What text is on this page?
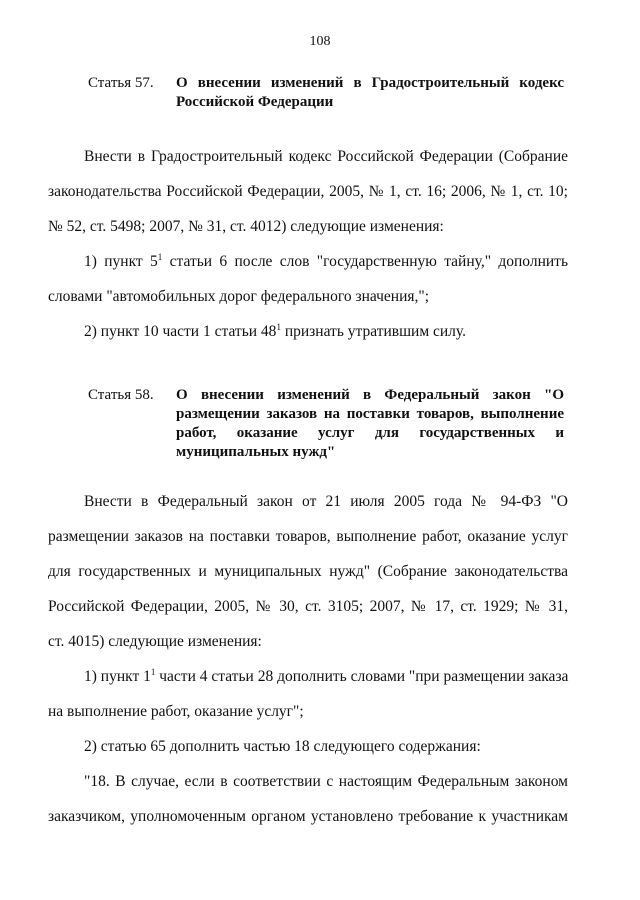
108
Статья 57.	О внесении изменений в Градостроительный кодекс Российской Федерации
Внести в Градостроительный кодекс Российской Федерации (Собрание
законодательства Российской Федерации, 2005, № 1, ст. 16; 2006, № 1, ст. 10;
№ 52, ст. 5498; 2007, № 31, ст. 4012) следующие изменения:
1) пункт $5^1$ статьи 6 после слов "государственную тайну," дополнить
словами "автомобильных дорог федерального значения,";
2) пункт 10 части 1 статьи $48^1$ признать утратившим силу.
Статья 58.	О внесении изменений в Федеральный закон "О размещении заказов на поставки товаров, выполнение работ, оказание услуг для государственных и муниципальных нужд"
Внести в Федеральный закон от 21 июля 2005 года № 94-ФЗ "О
размещении заказов на поставки товаров, выполнение работ, оказание услуг
для государственных и муниципальных нужд" (Собрание законодательства
Российской Федерации, 2005, № 30, ст. 3105; 2007, № 17, ст. 1929; № 31,
ст. 4015) следующие изменения:
1) пункт $1^1$ части 4 статьи 28 дополнить словами "при размещении заказа
на выполнение работ, оказание услуг";
2) статью 65 дополнить частью 18 следующего содержания:
"18. В случае, если в соответствии с настоящим Федеральным законом
заказчиком, уполномоченным органом установлено требование к участникам
